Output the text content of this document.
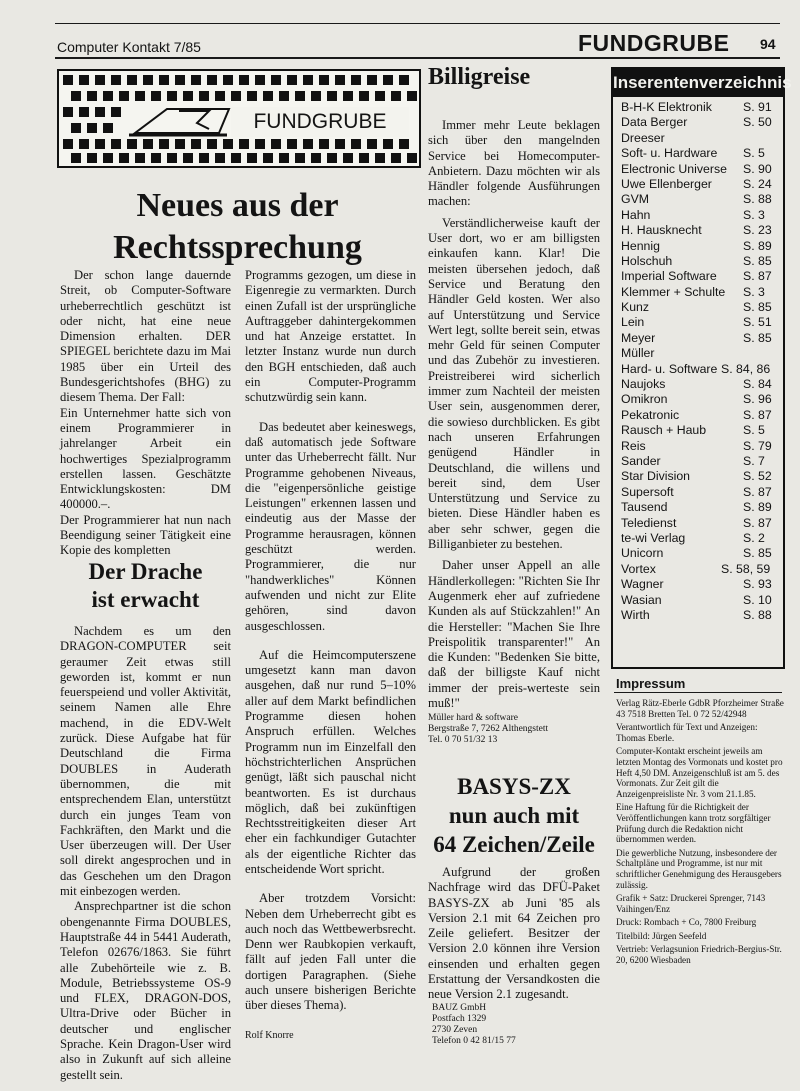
Computer Kontakt 7/85	FUNDGRUBE 94
FUNDGRUBE
Neues aus der
Rechtssprechung

Der schon lange dauernde Streit, ob Computer-Software urheberrechtlich geschützt ist oder nicht, hat eine neue Dimension erhalten. DER SPIEGEL berichtete dazu im Mai 1985 über ein Urteil des Bundesgerichtshofes (BHG) zu diesem Thema. Der Fall:

Ein Unternehmer hatte sich von einem Programmierer in jahrelanger Arbeit ein hochwertiges Spezialprogramm erstellen lassen. Geschätzte Entwicklungskosten: DM 400000.–.

Der Programmierer hat nun nach Beendigung seiner Tätigkeit eine Kopie des kompletten

Der Drache
ist erwacht

Nachdem es um den DRAGON-COMPUTER seit geraumer Zeit etwas still geworden ist, kommt er nun feuerspeiend und voller Aktivität, seinem Namen alle Ehre machend, in die EDV-Welt zurück. Diese Aufgabe hat für Deutschland die Firma DOUBLES in Auderath übernommen, die mit entsprechendem Elan, unterstützt durch ein junges Team von Fachkräften, den Markt und die User überzeugen will. Der User soll direkt angesprochen und in das Geschehen um den Dragon mit einbezogen werden.

Ansprechpartner ist die schon obengenannte Firma DOUBLES, Hauptstraße 44 in 5441 Auderath, Telefon 02676/1863. Sie führt alle Zubehörteile wie z. B. Module, Betriebssysteme OS-9 und FLEX, DRAGON-DOS, Ultra-Drive oder Bücher in deutscher und englischer Sprache. Kein Dragon-User wird also in Zukunft auf sich alleine gestellt sein.

Programms gezogen, um diese in Eigenregie zu vermarkten. Durch einen Zufall ist der ursprüngliche Auftraggeber dahintergekommen und hat Anzeige erstattet. In letzter Instanz wurde nun durch den BGH entschieden, daß auch ein Computer-Programm schutzwürdig sein kann.

Das bedeutet aber keineswegs, daß automatisch jede Software unter das Urheberrecht fällt. Nur Programme gehobenen Niveaus, die "eigenpersönliche geistige Leistungen" erkennen lassen und eindeutig aus der Masse der Programme herausragen, können geschützt werden. Programmierer, die nur "handwerkliches" Können aufwenden und nicht zur Elite gehören, sind davon ausgeschlossen.

Auf die Heimcomputerszene umgesetzt kann man davon ausgehen, daß nur rund 5–10% aller auf dem Markt befindlichen Programme diesen hohen Anspruch erfüllen. Welches Programm nun im Einzelfall den höchstrichterlichen Ansprüchen genügt, läßt sich pauschal nicht beantworten. Es ist durchaus möglich, daß bei zukünftigen Rechtsstreitigkeiten dieser Art eher ein fachkundiger Gutachter als der eigentliche Richter das entscheidende Wort spricht.

Aber trotzdem Vorsicht: Neben dem Urheberrecht gibt es auch noch das Wettbewerbsrecht. Denn wer Raubkopien verkauft, fällt auf jeden Fall unter die dortigen Paragraphen. (Siehe auch unsere bisherigen Berichte über dieses Thema).

Rolf Knorre

Billigreise

Immer mehr Leute beklagen sich über den mangelnden Service bei Homecomputer-Anbietern. Dazu möchten wir als Händler folgende Ausführungen machen:

Verständlicherweise kauft der User dort, wo er am billigsten einkaufen kann. Klar! Die meisten übersehen jedoch, daß Service und Beratung den Händler Geld kosten. Wer also auf Unterstützung und Service Wert legt, sollte bereit sein, etwas mehr Geld für seinen Computer und das Zubehör zu investieren. Preistreiberei wird sicherlich immer zum Nachteil der meisten User sein, ausgenommen derer, die sowieso durchblicken. Es gibt nach unseren Erfahrungen genügend Händler in Deutschland, die willens und bereit sind, dem User Unterstützung und Service zu bieten. Diese Händler haben es aber sehr schwer, gegen die Billiganbieter zu bestehen.

Daher unser Appell an alle Händlerkollegen: "Richten Sie Ihr Augenmerk eher auf zufriedene Kunden als auf Stückzahlen!" An die Hersteller: "Machen Sie Ihre Preispolitik transparenter!" An die Kunden: "Bedenken Sie bitte, daß der billigste Kauf nicht immer der preis-werteste sein muß!"

Müller hard & software

Bergstraße 7, 7262 Althengstett

Tel. 0 70 51/32 13

BASYS-ZX
nun auch mit
64 Zeichen/Zeile

Aufgrund der großen Nachfrage wird das DFÜ-Paket BASYS-ZX ab Juni '85 als Version 2.1 mit 64 Zeichen pro Zeile geliefert. Besitzer der Version 2.0 können ihre Version einsenden und erhalten gegen Erstattung der Versandkosten die neue Version 2.1 zugesandt.

BAUZ GmbH

Postfach 1329

2730 Zeven

Telefon 0 42 81/15 77

Inserentenverzeichnis
B-H-K Elektronik	S. 91
Data Berger	S. 50
Dreeser
Soft- u. Hardware S. 5
Electronic Universe S. 90
Uwe Ellenberger	S. 24
GVM	S. 88
Hahn	S. 3
H. Hausknecht	S. 23
Hennig	S. 89
Holschuh	S. 85
Imperial Software S. 87
Klemmer + Schulte S. 3
Kunz	S. 85
Lein	S. 51
Meyer	S. 85
Müller
Hard- u. Software S. 84, 86
Naujoks	S. 84
Omikron	S. 96
Pekatronic	S. 87
Rausch + Haub	S. 5
Reis	S. 79
Sander	S. 7
Star Division	S. 52
Supersoft	S. 87
Tausend	S. 89
Teledienst	S. 87
te-wi Verlag	S. 2
Unicorn	S. 85
Vortex	S. 58, 59
Wagner	S. 93
Wasian	S. 10
Wirth	S. 88
Impressum

Verlag Rätz-Eberle GdbR Pforzheimer Straße 43 7518 Bretten Tel. 0 72 52/42948

Verantwortlich für Text und Anzeigen: Thomas Eberle.

Computer-Kontakt erscheint jeweils am letzten Montag des Vormonats und kostet pro Heft 4,50 DM. Anzeigenschluß ist am 5. des Vormonats. Zur Zeit gilt die Anzeigenpreisliste Nr. 3 vom 21.1.85.

Eine Haftung für die Richtigkeit der Veröffentlichungen kann trotz sorgfältiger Prüfung durch die Redaktion nicht übernommen werden.

Die gewerbliche Nutzung, insbesondere der Schaltpläne und Programme, ist nur mit schriftlicher Genehmigung des Herausgebers zulässig.

Grafik + Satz: Druckerei Sprenger, 7143 Vaihingen/Enz

Druck: Rombach + Co, 7800 Freiburg

Titelbild: Jürgen Seefeld

Vertrieb: Verlagsunion Friedrich-Bergius-Str. 20, 6200 Wiesbaden
